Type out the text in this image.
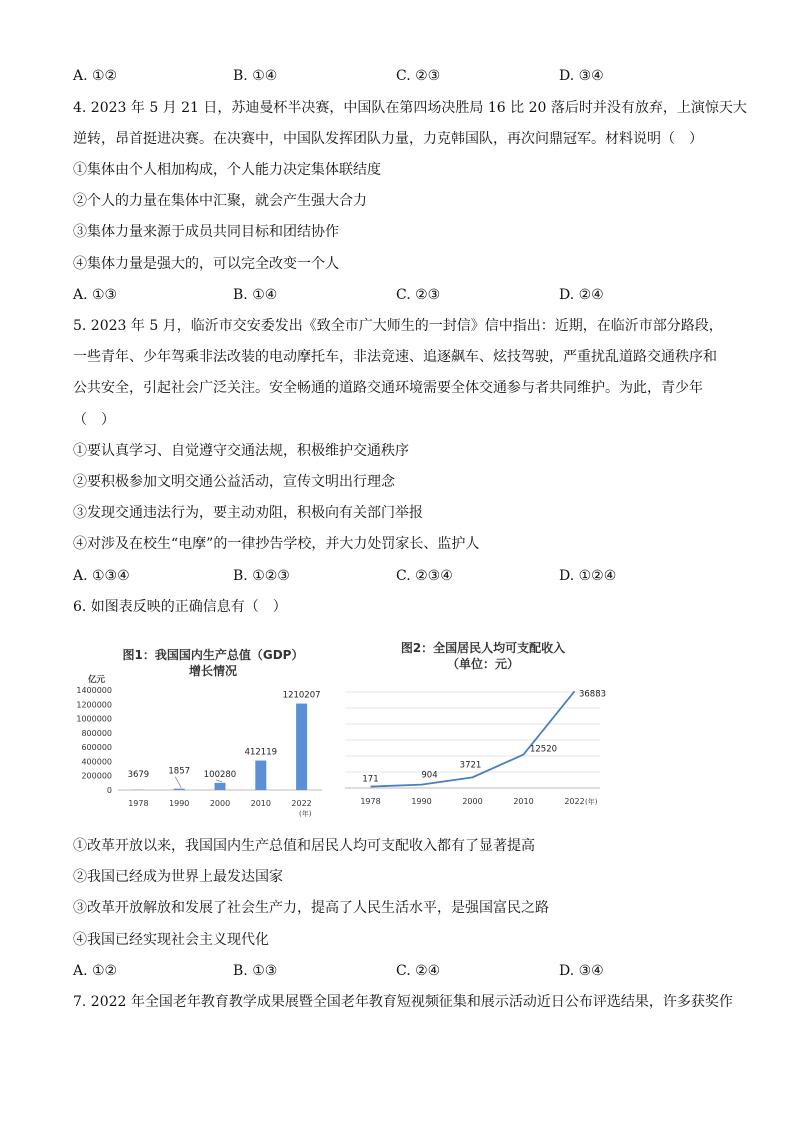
A. ①②	B. ①④	C. ②③	D. ③④
4. 2023 年 5 月 21 日，苏迪曼杯半决赛，中国队在第四场决胜局 16 比 20 落后时并没有放弃，上演惊天大
逆转，昂首挺进决赛。在决赛中，中国队发挥团队力量，力克韩国队，再次问鼎冠军。材料说明（　）
①集体由个人相加构成，个人能力决定集体联结度
②个人的力量在集体中汇聚，就会产生强大合力
③集体力量来源于成员共同目标和团结协作
④集体力量是强大的，可以完全改变一个人
A. ①③	B. ①④	C. ②③	D. ②④
5. 2023 年 5 月，临沂市交安委发出《致全市广大师生的一封信》信中指出：近期，在临沂市部分路段，
一些青年、少年驾乘非法改装的电动摩托车，非法竞速、追逐飙车、炫技驾驶，严重扰乱道路交通秩序和
公共安全，引起社会广泛关注。安全畅通的道路交通环境需要全体交通参与者共同维护。为此，青少年
（　）
①要认真学习、自觉遵守交通法规，积极维护交通秩序
②要积极参加文明交通公益活动，宣传文明出行理念
③发现交通违法行为，要主动劝阻，积极向有关部门举报
④对涉及在校生“电摩”的一律抄告学校，并大力处罚家长、监护人
A. ①③④	B. ①②③	C. ②③④	D. ①②④
6. 如图表反映的正确信息有（　）
图1：我国国内生产总值（GDP）
增长情况
图2：全国居民人均可支配收入
（单位：元）
亿元
1400000
1200000
1000000
800000
600000
400000
200000
0
1978
3679
1990
1857
2000
100280
2010
412119
2022
1210207
(年)
1978
171
1990
904
2000
3721
2010
12520
2022
36883
(年)
①改革开放以来，我国国内生产总值和居民人均可支配收入都有了显著提高
②我国已经成为世界上最发达国家
③改革开放解放和发展了社会生产力，提高了人民生活水平，是强国富民之路
④我国已经实现社会主义现代化
A. ①②	B. ①③	C. ②④	D. ③④
7. 2022 年全国老年教育教学成果展暨全国老年教育短视频征集和展示活动近日公布评选结果，许多获奖作
